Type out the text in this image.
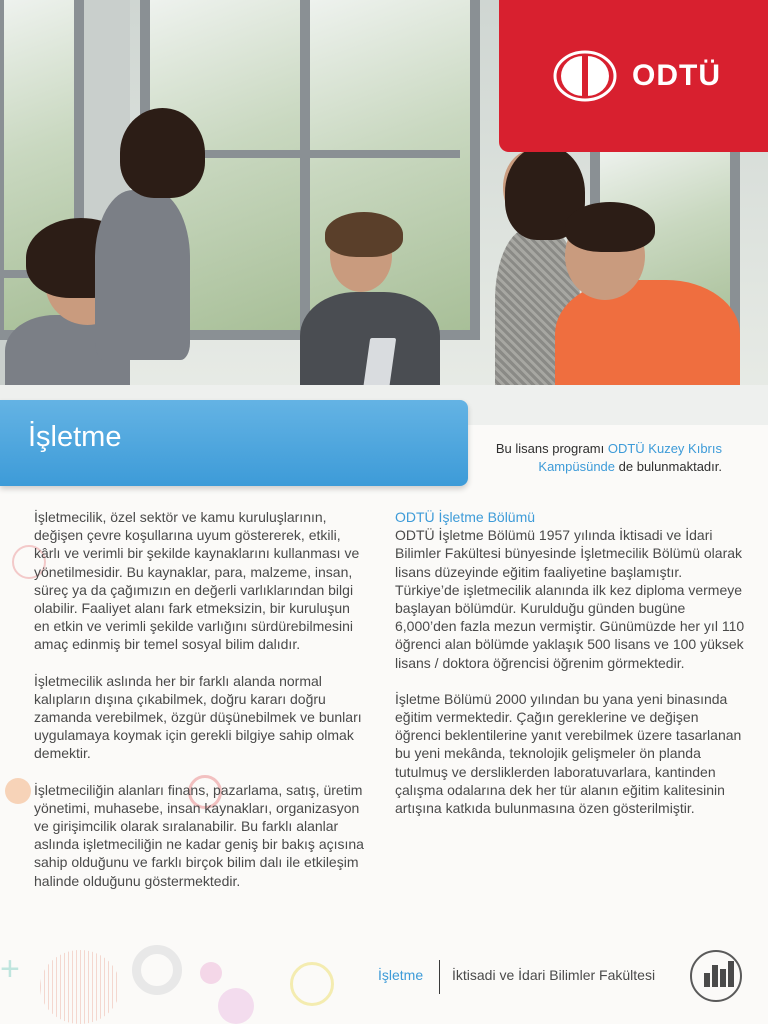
ODTÜ
İşletme	Bu lisans programı ODTÜ Kuzey Kıbrıs Kampüsünde de bulunmaktadır.
+

İşletmecilik, özel sektör ve kamu kuruluşlarının, değişen çevre koşullarına uyum göstererek, etkili, kârlı ve verimli bir şekilde kaynaklarını kullanması ve yönetilmesidir. Bu kaynaklar, para, malzeme, insan, süreç ya da çağımızın en değerli varlıklarından bilgi olabilir. Faaliyet alanı fark etmeksizin, bir kuruluşun en etkin ve verimli şekilde varlığını sürdürebilmesini amaç edinmiş bir temel sosyal bilim dalıdır.

İşletmecilik aslında her bir farklı alanda normal kalıpların dışına çıkabilmek, doğru kararı doğru zamanda verebilmek, özgür düşünebilmek ve bunları uygulamaya koymak için gerekli bilgiye sahip olmak demektir.

İşletmeciliğin alanları finans, pazarlama, satış, üretim yönetimi, muhasebe, insan kaynakları, organizasyon ve girişimcilik olarak sıralanabilir. Bu farklı alanlar aslında işletmeciliğin ne kadar geniş bir bakış açısına sahip olduğunu ve farklı birçok bilim dalı ile etkileşim halinde olduğunu göstermektedir.

ODTÜ İşletme Bölümü

ODTÜ İşletme Bölümü 1957 yılında İktisadi ve İdari Bilimler Fakültesi bünyesinde İşletmecilik Bölümü olarak lisans düzeyinde eğitim faaliyetine başlamıştır. Türkiye’de işletmecilik alanında ilk kez diploma vermeye başlayan bölümdür. Kurulduğu günden bugüne 6,000’den fazla mezun vermiştir. Günümüzde her yıl 110 öğrenci alan bölümde yaklaşık 500 lisans ve 100 yüksek lisans / doktora öğrencisi öğrenim görmektedir.

İşletme Bölümü 2000 yılından bu yana yeni binasında eğitim vermektedir. Çağın gereklerine ve değişen öğrenci beklentilerine yanıt verebilmek üzere tasarlanan bu yeni mekânda, teknolojik gelişmeler ön planda tutulmuş ve dersliklerden laboratuvarlara, kantinden çalışma odalarına dek her tür alanın eğitim kalitesinin artışına katkıda bulunmasına özen gösterilmiştir.

İşletme İktisadi ve İdari Bilimler Fakültesi
